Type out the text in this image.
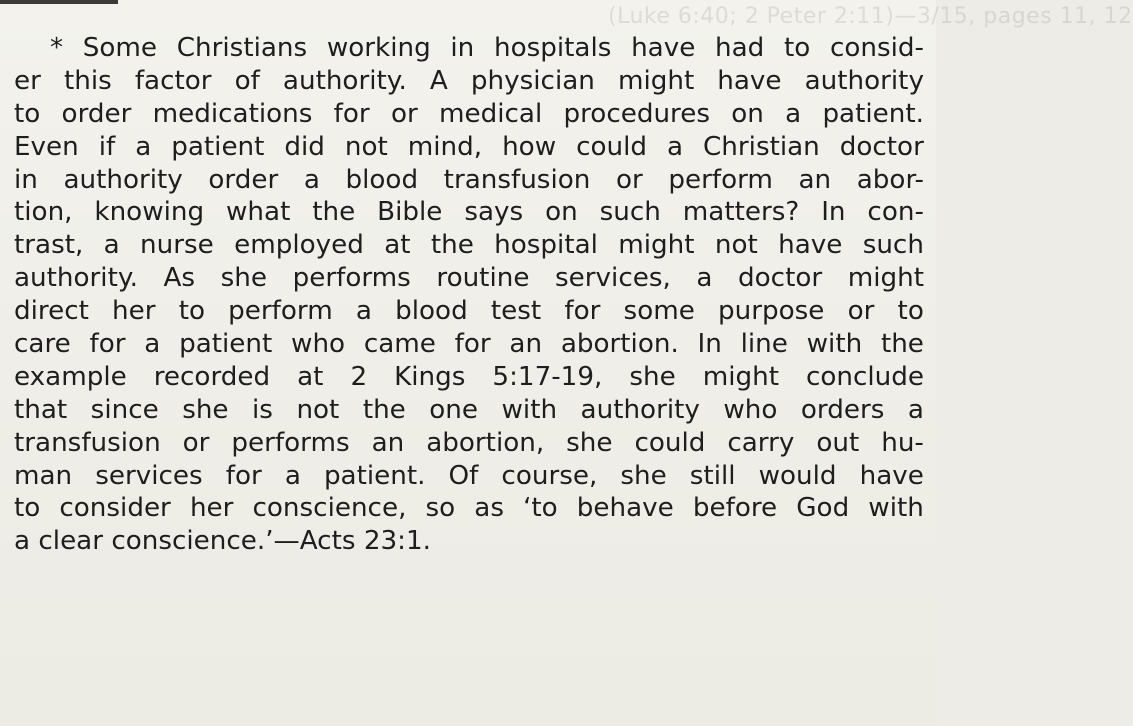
(Luke 6:40; 2 Peter 2:11)—3/15, pages 11, 12
* Some Christians working in hospitals have had to consid-
er this factor of authority. A physician might have authority
to order medications for or medical procedures on a patient.
Even if a patient did not mind, how could a Christian doctor
in authority order a blood transfusion or perform an abor-
tion, knowing what the Bible says on such matters? In con-
trast, a nurse employed at the hospital might not have such
authority. As she performs routine services, a doctor might
direct her to perform a blood test for some purpose or to
care for a patient who came for an abortion. In line with the
example recorded at 2 Kings 5:17-19, she might conclude
that since she is not the one with authority who orders a
transfusion or performs an abortion, she could carry out hu-
man services for a patient. Of course, she still would have
to consider her conscience, so as ‘to behave before God with
a
clear
conscience.’—Acts
23:1.
